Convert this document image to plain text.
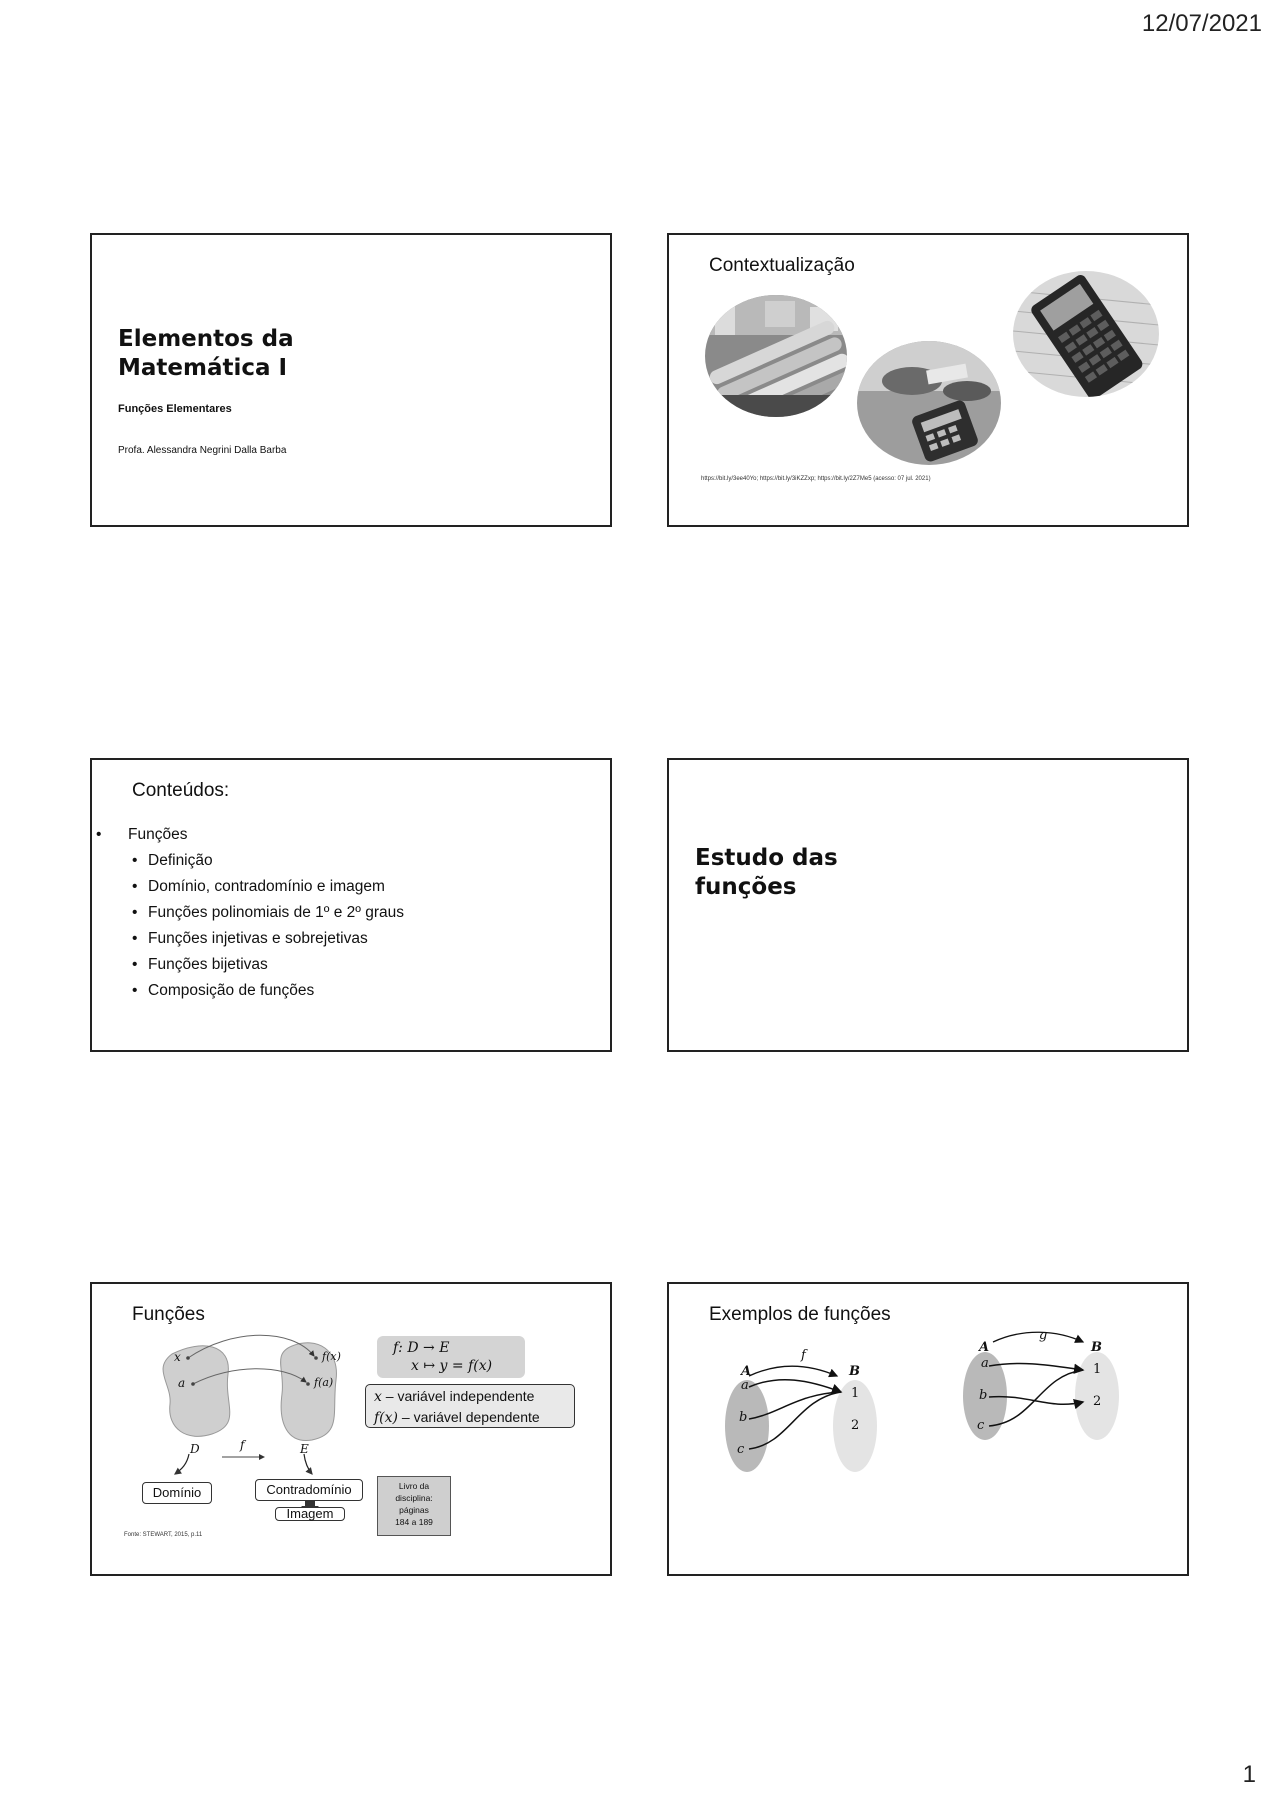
12/07/2021
Elementos da
Matemática I
Funções Elementares
Profa. Alessandra Negrini Dalla Barba
Contextualização
https://bit.ly/3ee40Yo; https://bit.ly/3iKZZxp; https://bit.ly/2Z7Me5 (acesso: 07 jul. 2021)
Conteúdos:
• Funções
• Definição
• Domínio, contradomínio e imagem
• Funções polinomiais de 1º e 2º graus
• Funções injetivas e sobrejetivas
• Funções bijetivas
• Composição de funções
Estudo das
funções
Funções
x
a
f(x)
f(a)
D	E
f
f: D → E
x ↦ y = f(x)
x – variável independente
f(x) – variável dependente
Domínio	Contradomínio
Imagem
Livro da
disciplina:
páginas
184 a 189
Fonte: STEWART, 2015, p.11
Exemplos de funções
A	B
f
a
b
c
1
2
A	B
g
a
b
c
1
2
1
